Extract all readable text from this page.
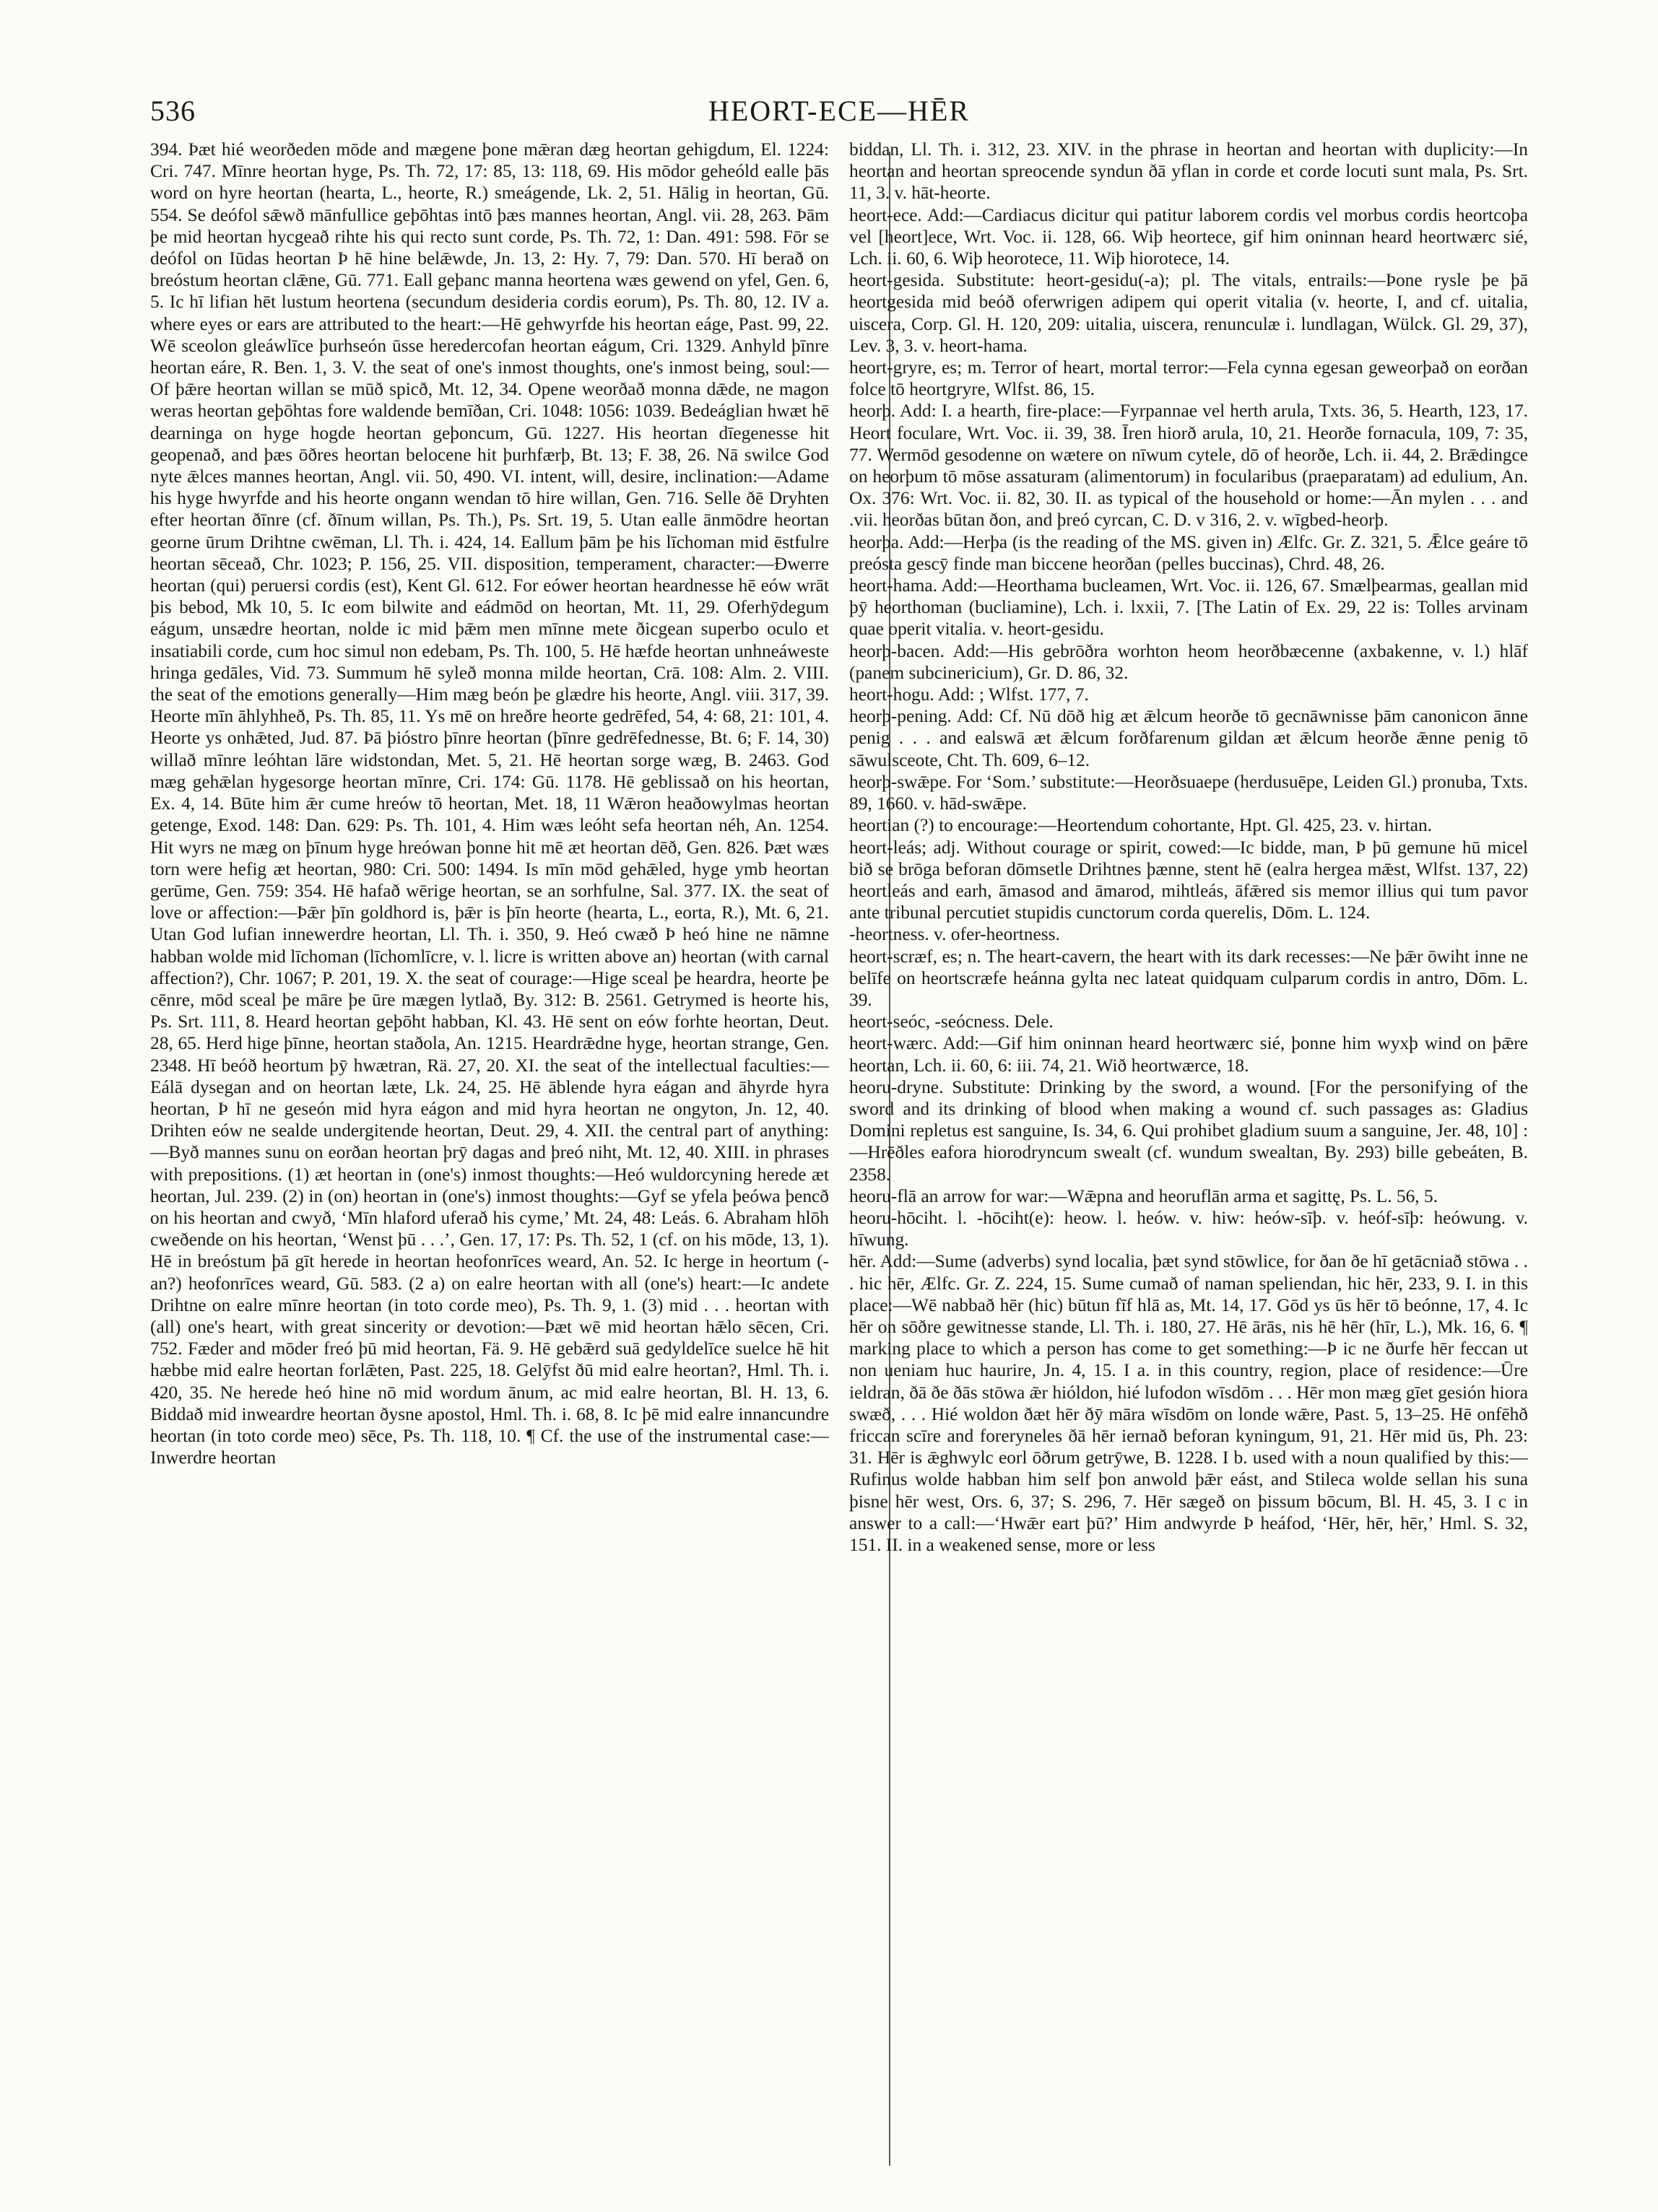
536	HEORT-ECE—HĒR

394. Þæt hié weorðeden mōde and mægene þone mǣran dæg heortan gehigdum, El. 1224: Cri. 747. Mīnre heortan hyge, Ps. Th. 72, 17: 85, 13: 118, 69. His mōdor geheóld ealle þās word on hyre heortan (hearta, L., heorte, R.) smeágende, Lk. 2, 51. Hālig in heortan, Gū. 554. Se deófol sǣwð mānfullice geþōhtas intō þæs mannes heortan, Angl. vii. 28, 263. Þām þe mid heortan hycgeað rihte his qui recto sunt corde, Ps. Th. 72, 1: Dan. 491: 598. Fōr se deófol on Iūdas heortan Þ hē hine belǣwde, Jn. 13, 2: Hy. 7, 79: Dan. 570. Hī berað on breóstum heortan clǣne, Gū. 771. Eall geþanc manna heortena wæs gewend on yfel, Gen. 6, 5. Ic hī lifian hēt lustum heortena (secundum desideria cordis eorum), Ps. Th. 80, 12. IV a. where eyes or ears are attributed to the heart:—Hē gehwyrfde his heortan eáge, Past. 99, 22. Wē sceolon gleáwlīce þurhseón ūsse heredercofan heortan eágum, Cri. 1329. Anhyld þīnre heortan eáre, R. Ben. 1, 3. V. the seat of one's inmost thoughts, one's inmost being, soul:—Of þǣre heortan willan se mūð spicð, Mt. 12, 34. Opene weorðað monna dǣde, ne magon weras heortan geþōhtas fore waldende bemīðan, Cri. 1048: 1056: 1039. Bedeáglian hwæt hē dearninga on hyge hogde heortan geþoncum, Gū. 1227. His heortan dīegenesse hit geopenað, and þæs ōðres heortan belocene hit þurhfærþ, Bt. 13; F. 38, 26. Nā swilce God nyte ǣlces mannes heortan, Angl. vii. 50, 490. VI. intent, will, desire, inclination:—Adame his hyge hwyrfde and his heorte ongann wendan tō hire willan, Gen. 716. Selle ðē Dryhten efter heortan ðīnre (cf. ðīnum willan, Ps. Th.), Ps. Srt. 19, 5. Utan ealle ānmōdre heortan geornе ūrum Drihtne cwēman, Ll. Th. i. 424, 14. Eallum þām þe his līchoman mid ēstfulre heortan sēceað, Chr. 1023; P. 156, 25. VII. disposition, temperament, character:—Ðwerre heortan (qui) peruersi cordis (est), Kent Gl. 612. For eówer heortan heardnesse hē eów wrāt þis bebod, Mk 10, 5. Ic eom bilwite and eádmōd on heortan, Mt. 11, 29. Oferhȳdegum eágum, unsædre heortan, nolde ic mid þǣm men mīnne mete ðicgean superbo oculo et insatiabili corde, cum hoc simul non edebam, Ps. Th. 100, 5. Hē hæfde heortan unhneáweste hringa gedāles, Vid. 73. Summum hē syleð monna milde heortan, Crā. 108: Alm. 2. VIII. the seat of the emotions generally—Him mæg beón þe glædre his heorte, Angl. viii. 317, 39. Heorte mīn āhlyhheð, Ps. Th. 85, 11. Ys mē on hreðre heorte gedrēfed, 54, 4: 68, 21: 101, 4. Heorte ys onhǣted, Jud. 87. Þā þióstro þīnre heortan (þīnre gedrēfednesse, Bt. 6; F. 14, 30) willað mīnre leóhtan lāre widstondan, Met. 5, 21. Hē heortan sorge wæg, B. 2463. God mæg gehǣlan hygesorge heortan mīnre, Cri. 174: Gū. 1178. Hē geblissað on his heortan, Ex. 4, 14. Būte him ǣr cume hreów tō heortan, Met. 18, 11 Wǣron heaðowylmas heortan getenge, Exod. 148: Dan. 629: Ps. Th. 101, 4. Him wæs leóht sefa heortan néh, An. 1254. Hit wyrs ne mæg on þīnum hyge hreówan þonne hit mē æt heortan dēð, Gen. 826. Þæt wæs torn were hefig æt heortan, 980: Cri. 500: 1494. Is mīn mōd gehǣled, hyge ymb heortan gerūme, Gen. 759: 354. Hē hafað wērige heortan, se an sorhfulne, Sal. 377. IX. the seat of love or affection:—Þǣr þīn goldhord is, þǣr is þīn heorte (hearta, L., eorta, R.), Mt. 6, 21. Utan God lufian innewerdre heortan, Ll. Th. i. 350, 9. Heó cwæð Þ heó hine ne nāmne habban wolde mid līchoman (līchomlīcre, v. l. licre is written above an) heortan (with carnal affection?), Chr. 1067; P. 201, 19. X. the seat of courage:—Hige sceal þe heardra, heorte þe cēnre, mōd sceal þe māre þe ūre mægen lytlað, By. 312: B. 2561. Getrymed is heorte his, Ps. Srt. 111, 8. Heard heortan geþōht habban, Kl. 43. Hē sent on eów forhte heortan, Deut. 28, 65. Herd hige þīnne, heortan staðola, An. 1215. Heardrǣdne hyge, heortan strange, Gen. 2348. Hī beóð heortum þȳ hwætran, Rä. 27, 20. XI. the seat of the intellectual faculties:—Eálā dysegan and on heortan læte, Lk. 24, 25. Hē āblende hyra eágan and āhyrde hyra heortan, Þ hī ne geseón mid hyra eágon and mid hyra heortan ne ongyton, Jn. 12, 40. Drihten eów ne sealde undergitende heortan, Deut. 29, 4. XII. the central part of anything:—Byð mannes sunu on eorðan heortan þrȳ dagas and þreó niht, Mt. 12, 40. XIII. in phrases with prepositions. (1) æt heortan in (one's) inmost thoughts:—Heó wuldorcyning herede æt heortan, Jul. 239. (2) in (on) heortan in (one's) inmost thoughts:—Gyf se yfela þeówa þencð on his heortan and cwyð, ‘Mīn hlaford uferað his cyme,’ Mt. 24, 48: Leás. 6. Abraham hlōh cweðende on his heortan, ‘Wenst þū . . .’, Gen. 17, 17: Ps. Th. 52, 1 (cf. on his mōde, 13, 1). Hē in breóstum þā gīt herede in heortan heofonrīces weard, An. 52. Ic herge in heortum (-an?) heofonrīces weard, Gū. 583. (2 a) on ealre heortan with all (one's) heart:—Ic andete Drihtne on ealre mīnre heortan (in toto corde meo), Ps. Th. 9, 1. (3) mid . . . heortan with (all) one's heart, with great sincerity or devotion:—Þæt wē mid heortan hǣlo sēcen, Cri. 752. Fæder and mōder freó þū mid heortan, Fä. 9. Hē gebǣrd suā gedyldelīce suelce hē hit hæbbe mid ealre heortan forlǣten, Past. 225, 18. Gelȳfst ðū mid ealre heortan?, Hml. Th. i. 420, 35. Ne herede heó hine nō mid wordum ānum, ac mid ealre heortan, Bl. H. 13, 6. Biddað mid inweardre heortan ðysne apostol, Hml. Th. i. 68, 8. Ic þē mid ealre innancundre heortan (in toto corde meo) sēce, Ps. Th. 118, 10. ¶ Cf. the use of the instrumental case:—Inwerdre heortan

biddan, Ll. Th. i. 312, 23. XIV. in the phrase in heortan and heortan with duplicity:—In heortan and heortan spreocende syndun ðā yflan in corde et corde locuti sunt mala, Ps. Srt. 11, 3. v. hāt-heorte.

heort-ece. Add:—Cardiacus dicitur qui patitur laborem cordis vel morbus cordis heortcoþa vel [heort]ece, Wrt. Voc. ii. 128, 66. Wiþ heortece, gif him oninnan heard heortwærc sié, Lch. ii. 60, 6. Wiþ heorotece, 11. Wiþ hiorotece, 14.

heort-gesida. Substitute: heort-gesidu(-a); pl. The vitals, entrails:—Þone rysle þe þā heortgesida mid beóð oferwrigen adipem qui operit vitalia (v. heorte, I, and cf. uitalia, uiscera, Corp. Gl. H. 120, 209: uitalia, uiscera, renunculæ i. lundlagan, Wülck. Gl. 29, 37), Lev. 3, 3. v. heort-hama.

heort-gryre, es; m. Terror of heart, mortal terror:—Fela cynna egesan geweorþað on eorðan folce tō heortgryre, Wlfst. 86, 15.

heorþ. Add: I. a hearth, fire-place:—Fyrpannae vel herth arula, Txts. 36, 5. Hearth, 123, 17. Heort foculare, Wrt. Voc. ii. 39, 38. Īren hiorð arula, 10, 21. Heorðe fornacula, 109, 7: 35, 77. Wermōd gesodenne on wætere on nīwum cytele, dō of heorðe, Lch. ii. 44, 2. Brǣdingce on heorþum tō mōse assaturam (alimentorum) in focularibus (praeparatam) ad edulium, An. Ox. 376: Wrt. Voc. ii. 82, 30. II. as typical of the household or home:—Ān mylen . . . and .vii. heorðas būtan ðon, and þreó cyrcan, C. D. v 316, 2. v. wīgbed-heorþ.

heorþa. Add:—Herþa (is the reading of the MS. given in) Ælfc. Gr. Z. 321, 5. Ǣlce geáre tō preósta gescȳ finde man biccene heorðan (pelles buccinas), Chrd. 48, 26.

heort-hama. Add:—Heorthama bucleamen, Wrt. Voc. ii. 126, 67. Smælþearmas, geallan mid þȳ heorthoman (bucliamine), Lch. i. lxxii, 7. [The Latin of Ex. 29, 22 is: Tolles arvinam quae operit vitalia. v. heort-gesidu.

heorþ-bacen. Add:—His gebrōðra worhton heom heorðbæcenne (axbakenne, v. l.) hlāf (panem subcinericium), Gr. D. 86, 32.

heort-hogu. Add: ; Wlfst. 177, 7.

heorþ-pening. Add: Cf. Nū dōð hig æt ǣlcum heorðe tō gecnāwnisse þām canonicon ānne penig . . . and ealswā æt ǣlcum forðfarenum gildan æt ǣlcum heorðe ǣnne penig tō sāwulsceote, Cht. Th. 609, 6–12.

heorþ-swǣpe. For ‘Som.’ substitute:—Heorðsuaepe (herdusuēpe, Leiden Gl.) pronuba, Txts. 89, 1660. v. hād-swǣpe.

heortian (?) to encourage:—Heortendum cohortante, Hpt. Gl. 425, 23. v. hirtan.

heort-leás; adj. Without courage or spirit, cowed:—Ic bidde, man, Þ þū gemune hū micel bið se brōga beforan dōmsetle Drihtnes þænne, stent hē (ealra hergea mǣst, Wlfst. 137, 22) heortleás and earh, āmasod and āmarod, mihtleás, āfǣred sis memor illius qui tum pavor ante tribunal percutiet stupidis cunctorum corda querelis, Dōm. L. 124.

-heortness. v. ofer-heortness.

heort-scræf, es; n. The heart-cavern, the heart with its dark recesses:—Ne þǣr ōwiht inne ne belīfe on heortscræfe heánna gylta nec lateat quidquam culparum cordis in antro, Dōm. L. 39.

heort-seóc, -seócness. Dele.

heort-wærc. Add:—Gif him oninnan heard heortwærc sié, þonne him wyxþ wind on þǣre heortan, Lch. ii. 60, 6: iii. 74, 21. Wið heortwærce, 18.

heoru-dryne. Substitute: Drinking by the sword, a wound. [For the personifying of the sword and its drinking of blood when making a wound cf. such passages as: Gladius Domini repletus est sanguine, Is. 34, 6. Qui prohibet gladium suum a sanguine, Jer. 48, 10] :—Hrēðles eafora hiorodryncum swealt (cf. wundum swealtan, By. 293) bille gebeáten, B. 2358.

heoru-flā an arrow for war:—Wǣpna and heoruflān arma et sagittę, Ps. L. 56, 5.

heoru-hōciht. l. -hōciht(e): heow. l. heów. v. hiw: heów-sīþ. v. heóf-sīþ: heówung. v. hīwung.

hēr. Add:—Sume (adverbs) synd localia, þæt synd stōwlice, for ðan ðe hī getācniað stōwa . . . hic hēr, Ælfc. Gr. Z. 224, 15. Sume cumað of naman speliendan, hic hēr, 233, 9. I. in this place:—Wē nabbað hēr (hic) būtun fīf hlā as, Mt. 14, 17. Gōd ys ūs hēr tō beónne, 17, 4. Ic hēr on sōðre gewitnesse stande, Ll. Th. i. 180, 27. Hē ārās, nis hē hēr (hīr, L.), Mk. 16, 6. ¶ marking place to which a person has come to get something:—Þ ic ne ðurfe hēr feccan ut non ueniam huc haurire, Jn. 4, 15. I a. in this country, region, place of residence:—Ūre ieldran, ðā ðe ðās stōwa ǣr hióldon, hié lufodon wīsdōm . . . Hēr mon mæg gīet gesión hiora swæð, . . . Hié woldon ðæt hēr ðȳ māra wīsdōm on londe wǣre, Past. 5, 13–25. Hē onfēhð friccan scīre and foreryneles ðā hēr iernað beforan kyningum, 91, 21. Hēr mid ūs, Ph. 23: 31. Hēr is ǣghwylc eorl ōðrum getrȳwe, B. 1228. I b. used with a noun qualified by this:—Rufinus wolde habban him self þon anwold þǣr eást, and Stileca wolde sellan his suna þisne hēr west, Ors. 6, 37; S. 296, 7. Hēr sægeð on þissum bōcum, Bl. H. 45, 3. I c in answer to a call:—‘Hwǣr eart þū?’ Him andwyrde Þ heáfod, ‘Hēr, hēr, hēr,’ Hml. S. 32, 151. II. in a weakened sense, more or less
